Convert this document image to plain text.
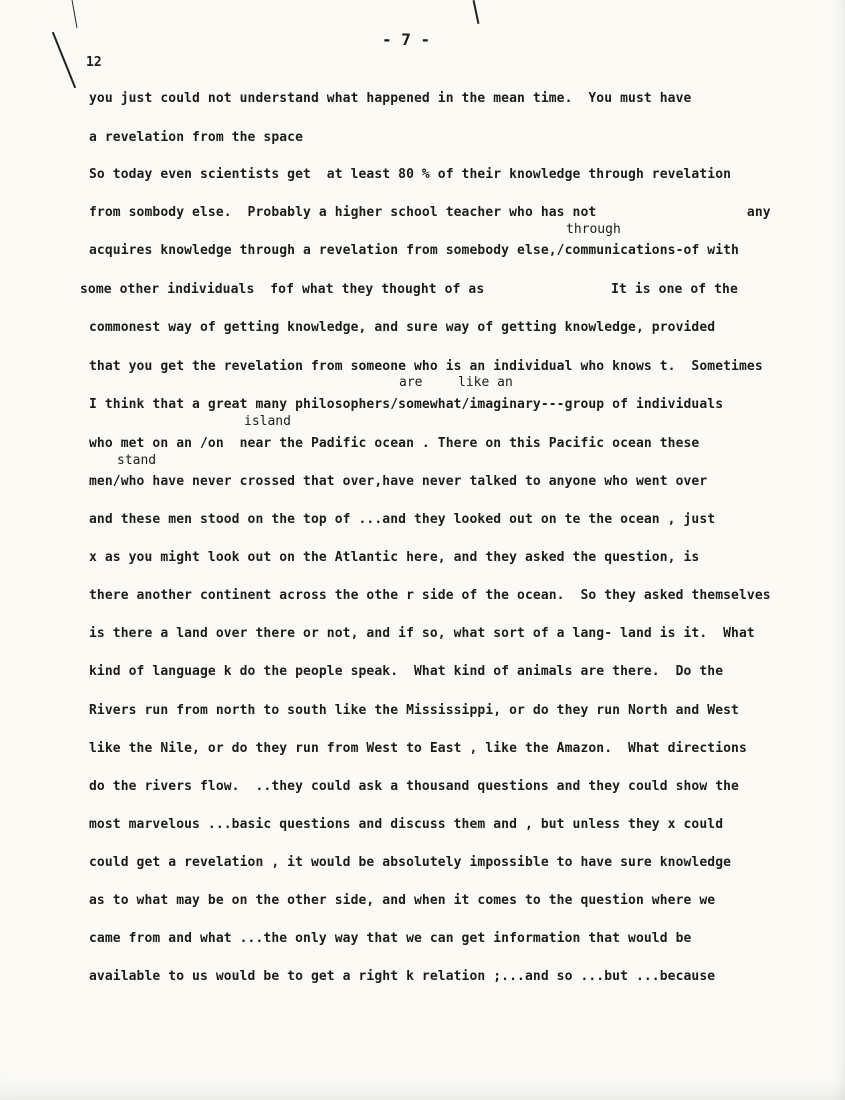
- 7 -
12
through
are	like an
island
stand
you just could not understand what happened in the mean time.  You must have
a revelation from the space
So today even scientists get  at least 80 % of their knowledge through revelation
from sombody else.  Probably a higher school teacher who has not                   any
acquires knowledge through a revelation from somebody else,/communications-of with
some other individuals  fof what they thought of as                It is one of the
commonest way of getting knowledge, and sure way of getting knowledge, provided
that you get the revelation from someone who is an individual who knows t.  Sometimes
I think that a great many philosophers/somewhat/imaginary---group of individuals
who met on an /on  near the Padific ocean . There on this Pacific ocean these
men/who have never crossed that over,have never talked to anyone who went over
and these men stood on the top of ...and they looked out on te the ocean , just
x as you might look out on the Atlantic here, and they asked the question, is
there another continent across the othe r side of the ocean.  So they asked themselves
is there a land over there or not, and if so, what sort of a lang- land is it.  What
kind of language k do the people speak.  What kind of animals are there.  Do the
Rivers run from north to south like the Mississippi, or do they run North and West
like the Nile, or do they run from West to East , like the Amazon.  What directions
do the rivers flow.  ..they could ask a thousand questions and they could show the
most marvelous ...basic questions and discuss them and , but unless they x could
could get a revelation , it would be absolutely impossible to have sure knowledge
as to what may be on the other side, and when it comes to the question where we
came from and what ...the only way that we can get information that would be
available to us would be to get a right k relation ;...and so ...but ...because
